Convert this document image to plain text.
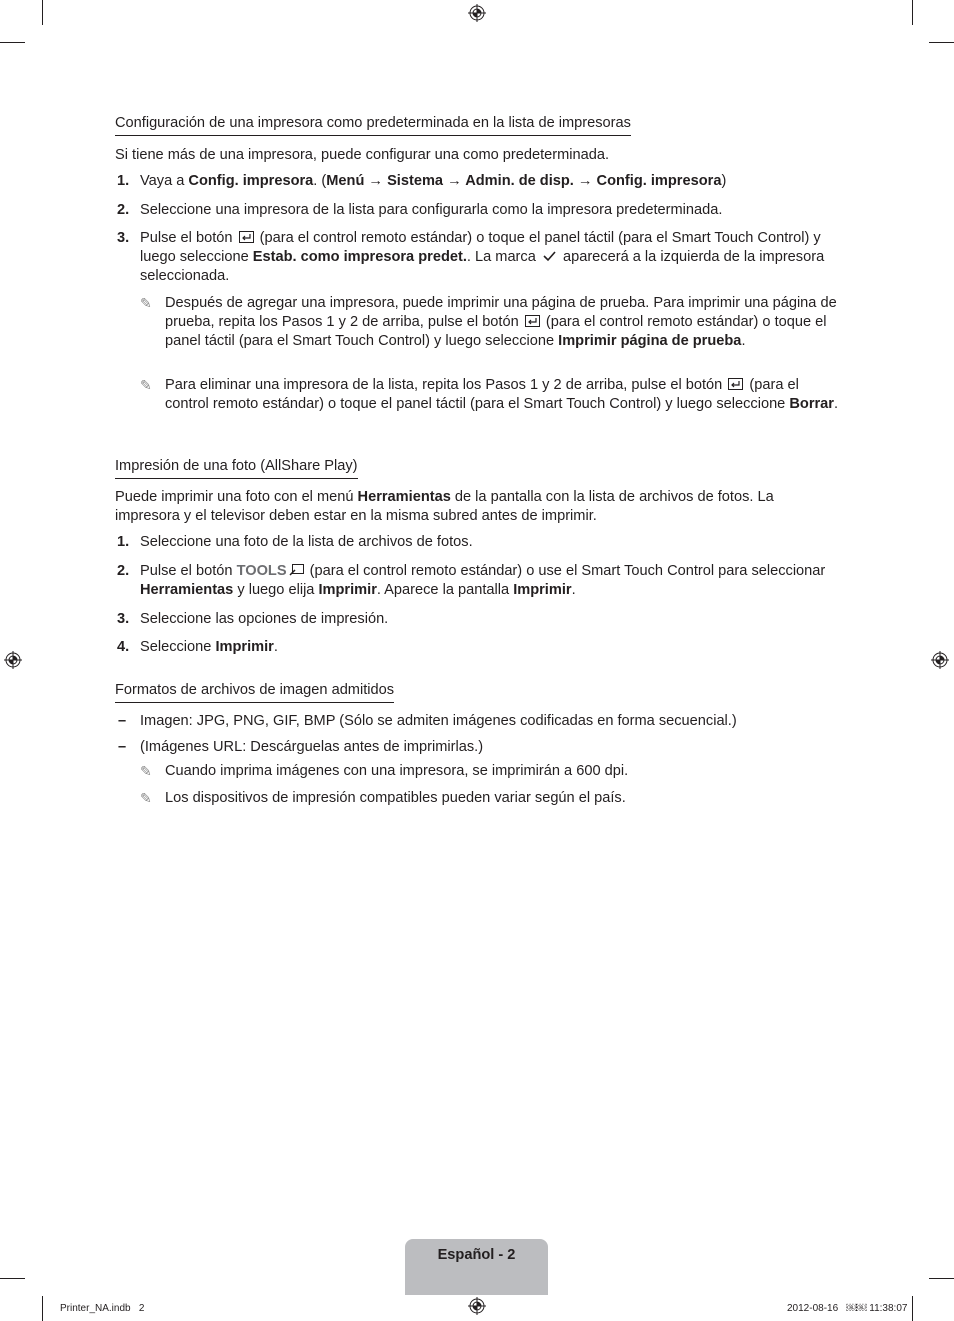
Configuración de una impresora como predeterminada en la lista de impresoras
Si tiene más de una impresora, puede configurar una como predeterminada.
1. Vaya a Config. impresora. (Menú → Sistema → Admin. de disp. → Config. impresora)
2. Seleccione una impresora de la lista para configurarla como la impresora predeterminada.
3. Pulse el botón (para el control remoto estándar) o toque el panel táctil (para el Smart Touch Control) y luego seleccione Estab. como impresora predet.. La marca aparecerá a la izquierda de la impresora seleccionada.
✎ Después de agregar una impresora, puede imprimir una página de prueba. Para imprimir una página de prueba, repita los Pasos 1 y 2 de arriba, pulse el botón (para el control remoto estándar) o toque el panel táctil (para el Smart Touch Control) y luego seleccione Imprimir página de prueba.
✎ Para eliminar una impresora de la lista, repita los Pasos 1 y 2 de arriba, pulse el botón (para el control remoto estándar) o toque el panel táctil (para el Smart Touch Control) y luego seleccione Borrar.
Impresión de una foto (AllShare Play)
Puede imprimir una foto con el menú Herramientas de la pantalla con la lista de archivos de fotos. La impresora y el televisor deben estar en la misma subred antes de imprimir.
1. Seleccione una foto de la lista de archivos de fotos.
2. Pulse el botón TOOLS (para el control remoto estándar) o use el Smart Touch Control para seleccionar Herramientas y luego elija Imprimir. Aparece la pantalla Imprimir.
3. Seleccione las opciones de impresión.
4. Seleccione Imprimir.
Formatos de archivos de imagen admitidos
– Imagen: JPG, PNG, GIF, BMP (Sólo se admiten imágenes codificadas en forma secuencial.)
– (Imágenes URL: Descárguelas antes de imprimirlas.)
✎ Cuando imprima imágenes con una impresora, se imprimirán a 600 dpi.
✎ Los dispositivos de impresión compatibles pueden variar según el país.
Español - 2
Printer_NA.indb   2	2012-08-16   ￼￼ 11:38:07
